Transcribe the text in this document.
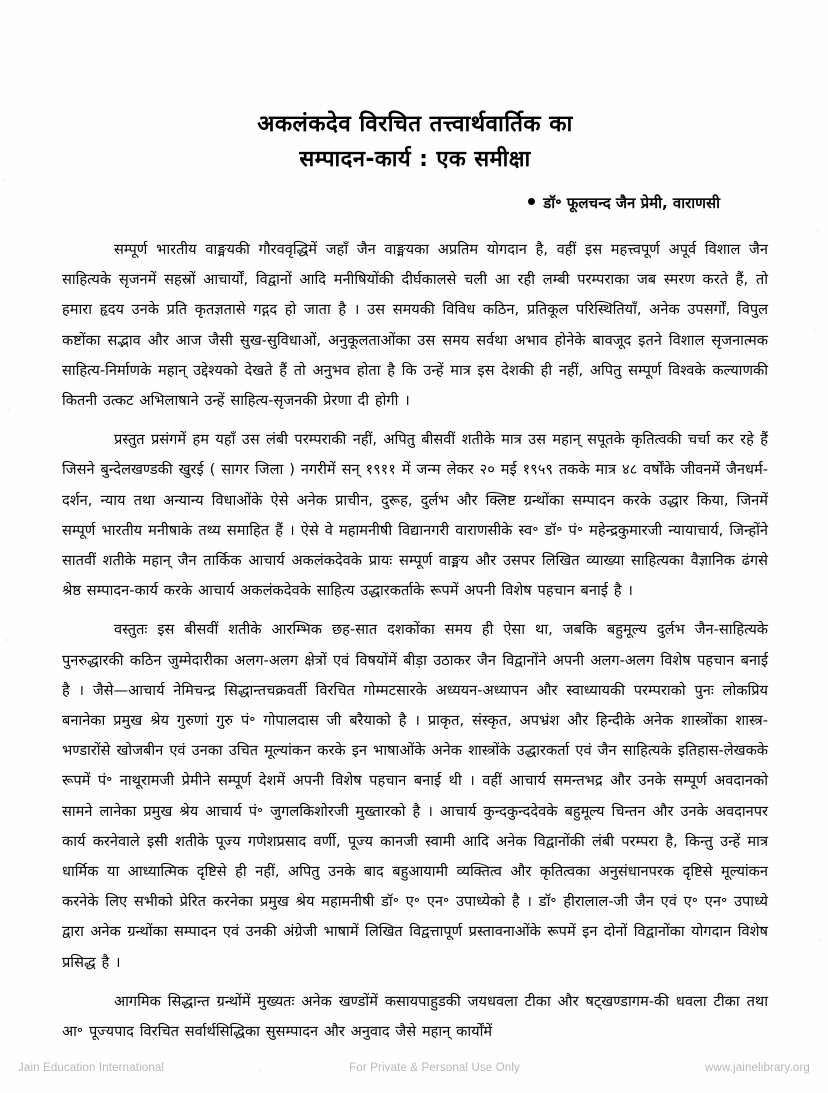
अकलंकदेव विरचित तत्त्वार्थवार्तिक का
सम्पादन-कार्य : एक समीक्षा
डॉ॰ फूलचन्द जैन प्रेमी, वाराणसी

सम्पूर्ण भारतीय वाङ्मयकी गौरववृद्धिमें जहाँ जैन वाङ्मयका अप्रतिम योगदान है, वहीं इस महत्त्वपूर्ण अपूर्व विशाल जैन साहित्यके सृजनमें सहस्रों आचार्यों, विद्वानों आदि मनीषियोंकी दीर्घकालसे चली आ रही लम्बी परम्पराका जब स्मरण करते हैं, तो हमारा हृदय उनके प्रति कृतज्ञतासे गद्गद हो जाता है । उस समयकी विविध कठिन, प्रतिकूल परिस्थितियाँ, अनेक उपसर्गों, विपुल कष्टोंका सद्भाव और आज जैसी सुख-सुविधाओं, अनुकूलताओंका उस समय सर्वथा अभाव होनेके बावजूद इतने विशाल सृजनात्मक साहित्य-निर्माणके महान् उद्देश्यको देखते हैं तो अनुभव होता है कि उन्हें मात्र इस देशकी ही नहीं, अपितु सम्पूर्ण विश्वके कल्याणकी कितनी उत्कट अभिलाषाने उन्हें साहित्य-सृजनकी प्रेरणा दी होगी ।

प्रस्तुत प्रसंगमें हम यहाँ उस लंबी परम्पराकी नहीं, अपितु बीसवीं शतीके मात्र उस महान् सपूतके कृतित्वकी चर्चा कर रहे हैं जिसने बुन्देलखण्डकी खुरई ( सागर जिला ) नगरीमें सन् १९११ में जन्म लेकर २० मई १९५९ तकके मात्र ४८ वर्षोंके जीवनमें जैनधर्म-दर्शन, न्याय तथा अन्यान्य विधाओंके ऐसे अनेक प्राचीन, दुरूह, दुर्लभ और क्लिष्ट ग्रन्थोंका सम्पादन करके उद्धार किया, जिनमें सम्पूर्ण भारतीय मनीषाके तथ्य समाहित हैं । ऐसे वे महामनीषी विद्यानगरी वाराणसीके स्व॰ डॉ॰ पं॰ महेन्द्रकुमारजी न्यायाचार्य, जिन्होंने सातवीं शतीके महान् जैन तार्किक आचार्य अकलंकदेवके प्रायः सम्पूर्ण वाङ्मय और उसपर लिखित व्याख्या साहित्यका वैज्ञानिक ढंगसे श्रेष्ठ सम्पादन-कार्य करके आचार्य अकलंकदेवके साहित्य उद्धारकर्ताके रूपमें अपनी विशेष पहचान बनाई है ।

वस्तुतः इस बीसवीं शतीके आरम्भिक छह-सात दशकोंका समय ही ऐसा था, जबकि बहुमूल्य दुर्लभ जैन-साहित्यके पुनरुद्धारकी कठिन जुम्मेदारीका अलग-अलग क्षेत्रों एवं विषयोंमें बीड़ा उठाकर जैन विद्वानोंने अपनी अलग-अलग विशेष पहचान बनाई है । जैसे—आचार्य नेमिचन्द्र सिद्धान्तचक्रवर्ती विरचित गोम्मटसारके अध्ययन-अध्यापन और स्वाध्यायकी परम्पराको पुनः लोकप्रिय बनानेका प्रमुख श्रेय गुरुणां गुरु पं॰ गोपालदास जी बरैयाको है । प्राकृत, संस्कृत, अपभ्रंश और हिन्दीके अनेक शास्त्रोंका शास्त्र-भण्डारोंसे खोजबीन एवं उनका उचित मूल्यांकन करके इन भाषाओंके अनेक शास्त्रोंके उद्धारकर्ता एवं जैन साहित्यके इतिहास-लेखकके रूपमें पं॰ नाथूरामजी प्रेमीने सम्पूर्ण देशमें अपनी विशेष पहचान बनाई थी । वहीं आचार्य समन्तभद्र और उनके सम्पूर्ण अवदानको सामने लानेका प्रमुख श्रेय आचार्य पं॰ जुगलकिशोरजी मुख्तारको है । आचार्य कुन्दकुन्ददेवके बहुमूल्य चिन्तन और उनके अवदानपर कार्य करनेवाले इसी शतीके पूज्य गणेशप्रसाद वर्णी, पूज्य कानजी स्वामी आदि अनेक विद्वानोंकी लंबी परम्परा है, किन्तु उन्हें मात्र धार्मिक या आध्यात्मिक दृष्टिसे ही नहीं, अपितु उनके बाद बहुआयामी व्यक्तित्व और कृतित्वका अनुसंधानपरक दृष्टिसे मूल्यांकन करनेके लिए सभीको प्रेरित करनेका प्रमुख श्रेय महामनीषी डॉ॰ ए॰ एन॰ उपाध्येको है । डॉ॰ हीरालाल-जी जैन एवं ए॰ एन॰ उपाध्ये द्वारा अनेक ग्रन्थोंका सम्पादन एवं उनकी अंग्रेजी भाषामें लिखित विद्वत्तापूर्ण प्रस्तावनाओंके रूपमें इन दोनों विद्वानोंका योगदान विशेष प्रसिद्ध है ।

आगमिक सिद्धान्त ग्रन्थोंमें मुख्यतः अनेक खण्डोंमें कसायपाहुडकी जयधवला टीका और षट्खण्डागम-की धवला टीका तथा आ॰ पूज्यपाद विरचित सर्वार्थसिद्धिका सुसम्पादन और अनुवाद जैसे महान् कार्योंमें

Jain Education International	.	For Private & Personal Use Only	www.jainelibrary.org
